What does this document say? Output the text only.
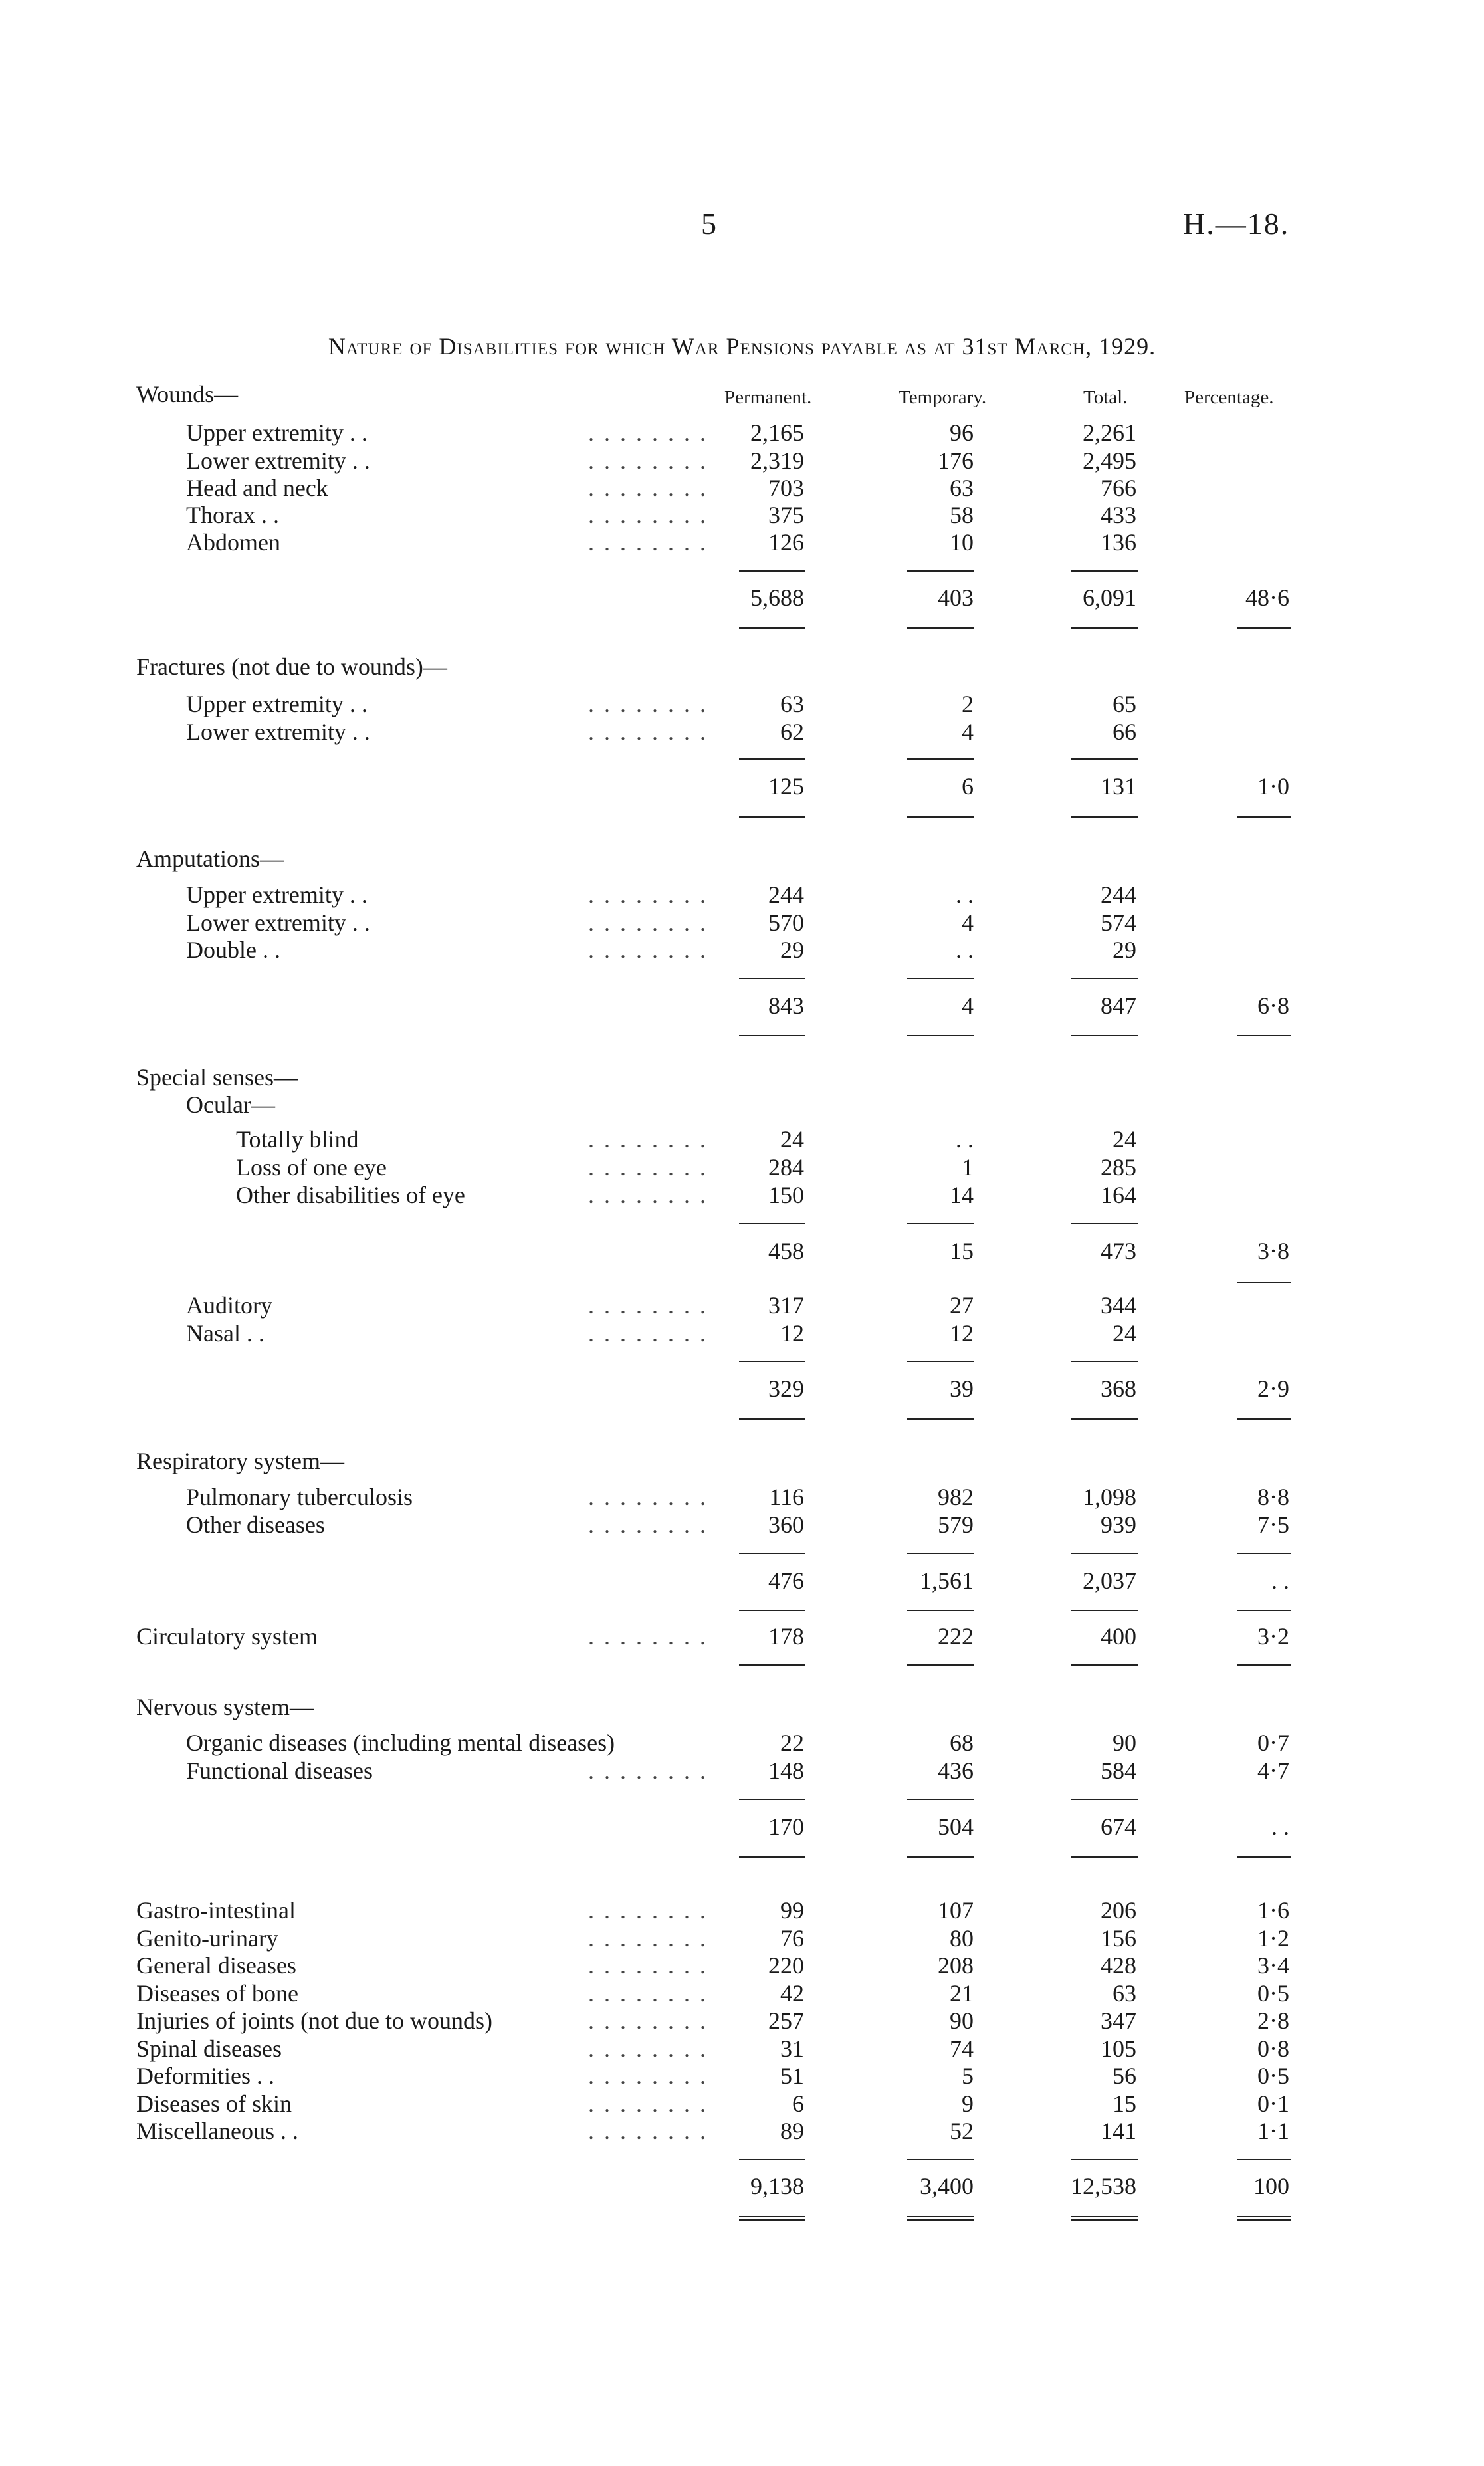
5	H.—18.
Nature of Disabilities for which War Pensions payable as at 31st March, 1929.
Permanent.	Temporary.	Total.	Percentage.
Wounds—
Upper extremity . .	. . . . . . . .	2,165	96	2,261
Lower extremity . .	. . . . . . . .	2,319	176	2,495
Head and neck	. . . . . . . .	703	63	766
Thorax . .	. . . . . . . .	375	58	433
Abdomen	. . . . . . . .	126	10	136
5,688	403	6,091	48·6
Fractures (not due to wounds)—
Upper extremity . .	. . . . . . . .	63	2	65
Lower extremity . .	. . . . . . . .	62	4	66
125	6	131	1·0
Amputations—
Upper extremity . .	. . . . . . . .	244	. .	244
Lower extremity . .	. . . . . . . .	570	4	574
Double . .	. . . . . . . .	29	. .	29
843	4	847	6·8
Special senses—
Ocular—
Totally blind	. . . . . . . .	24	. .	24
Loss of one eye	. . . . . . . .	284	1	285
Other disabilities of eye	. . . . . . . .	150	14	164
458	15	473	3·8
Auditory	. . . . . . . .	317	27	344
Nasal . .	. . . . . . . .	12	12	24
329	39	368	2·9
Respiratory system—
Pulmonary tuberculosis	. . . . . . . .	116	982	1,098	8·8
Other diseases	. . . . . . . .	360	579	939	7·5
476	1,561	2,037	. .
Circulatory system	. . . . . . . .	178	222	400	3·2
Nervous system—
Organic diseases (including mental diseases)	22	68	90	0·7
Functional diseases	. . . . . . . .	148	436	584	4·7
170	504	674	. .
Gastro-intestinal	. . . . . . . .	99	107	206	1·6
Genito-urinary	. . . . . . . .	76	80	156	1·2
General diseases	. . . . . . . .	220	208	428	3·4
Diseases of bone	. . . . . . . .	42	21	63	0·5
Injuries of joints (not due to wounds)	. . . . . . . .	257	90	347	2·8
Spinal diseases	. . . . . . . .	31	74	105	0·8
Deformities . .	. . . . . . . .	51	5	56	0·5
Diseases of skin	. . . . . . . .	6	9	15	0·1
Miscellaneous . .	. . . . . . . .	89	52	141	1·1
9,138	3,400	12,538	100
